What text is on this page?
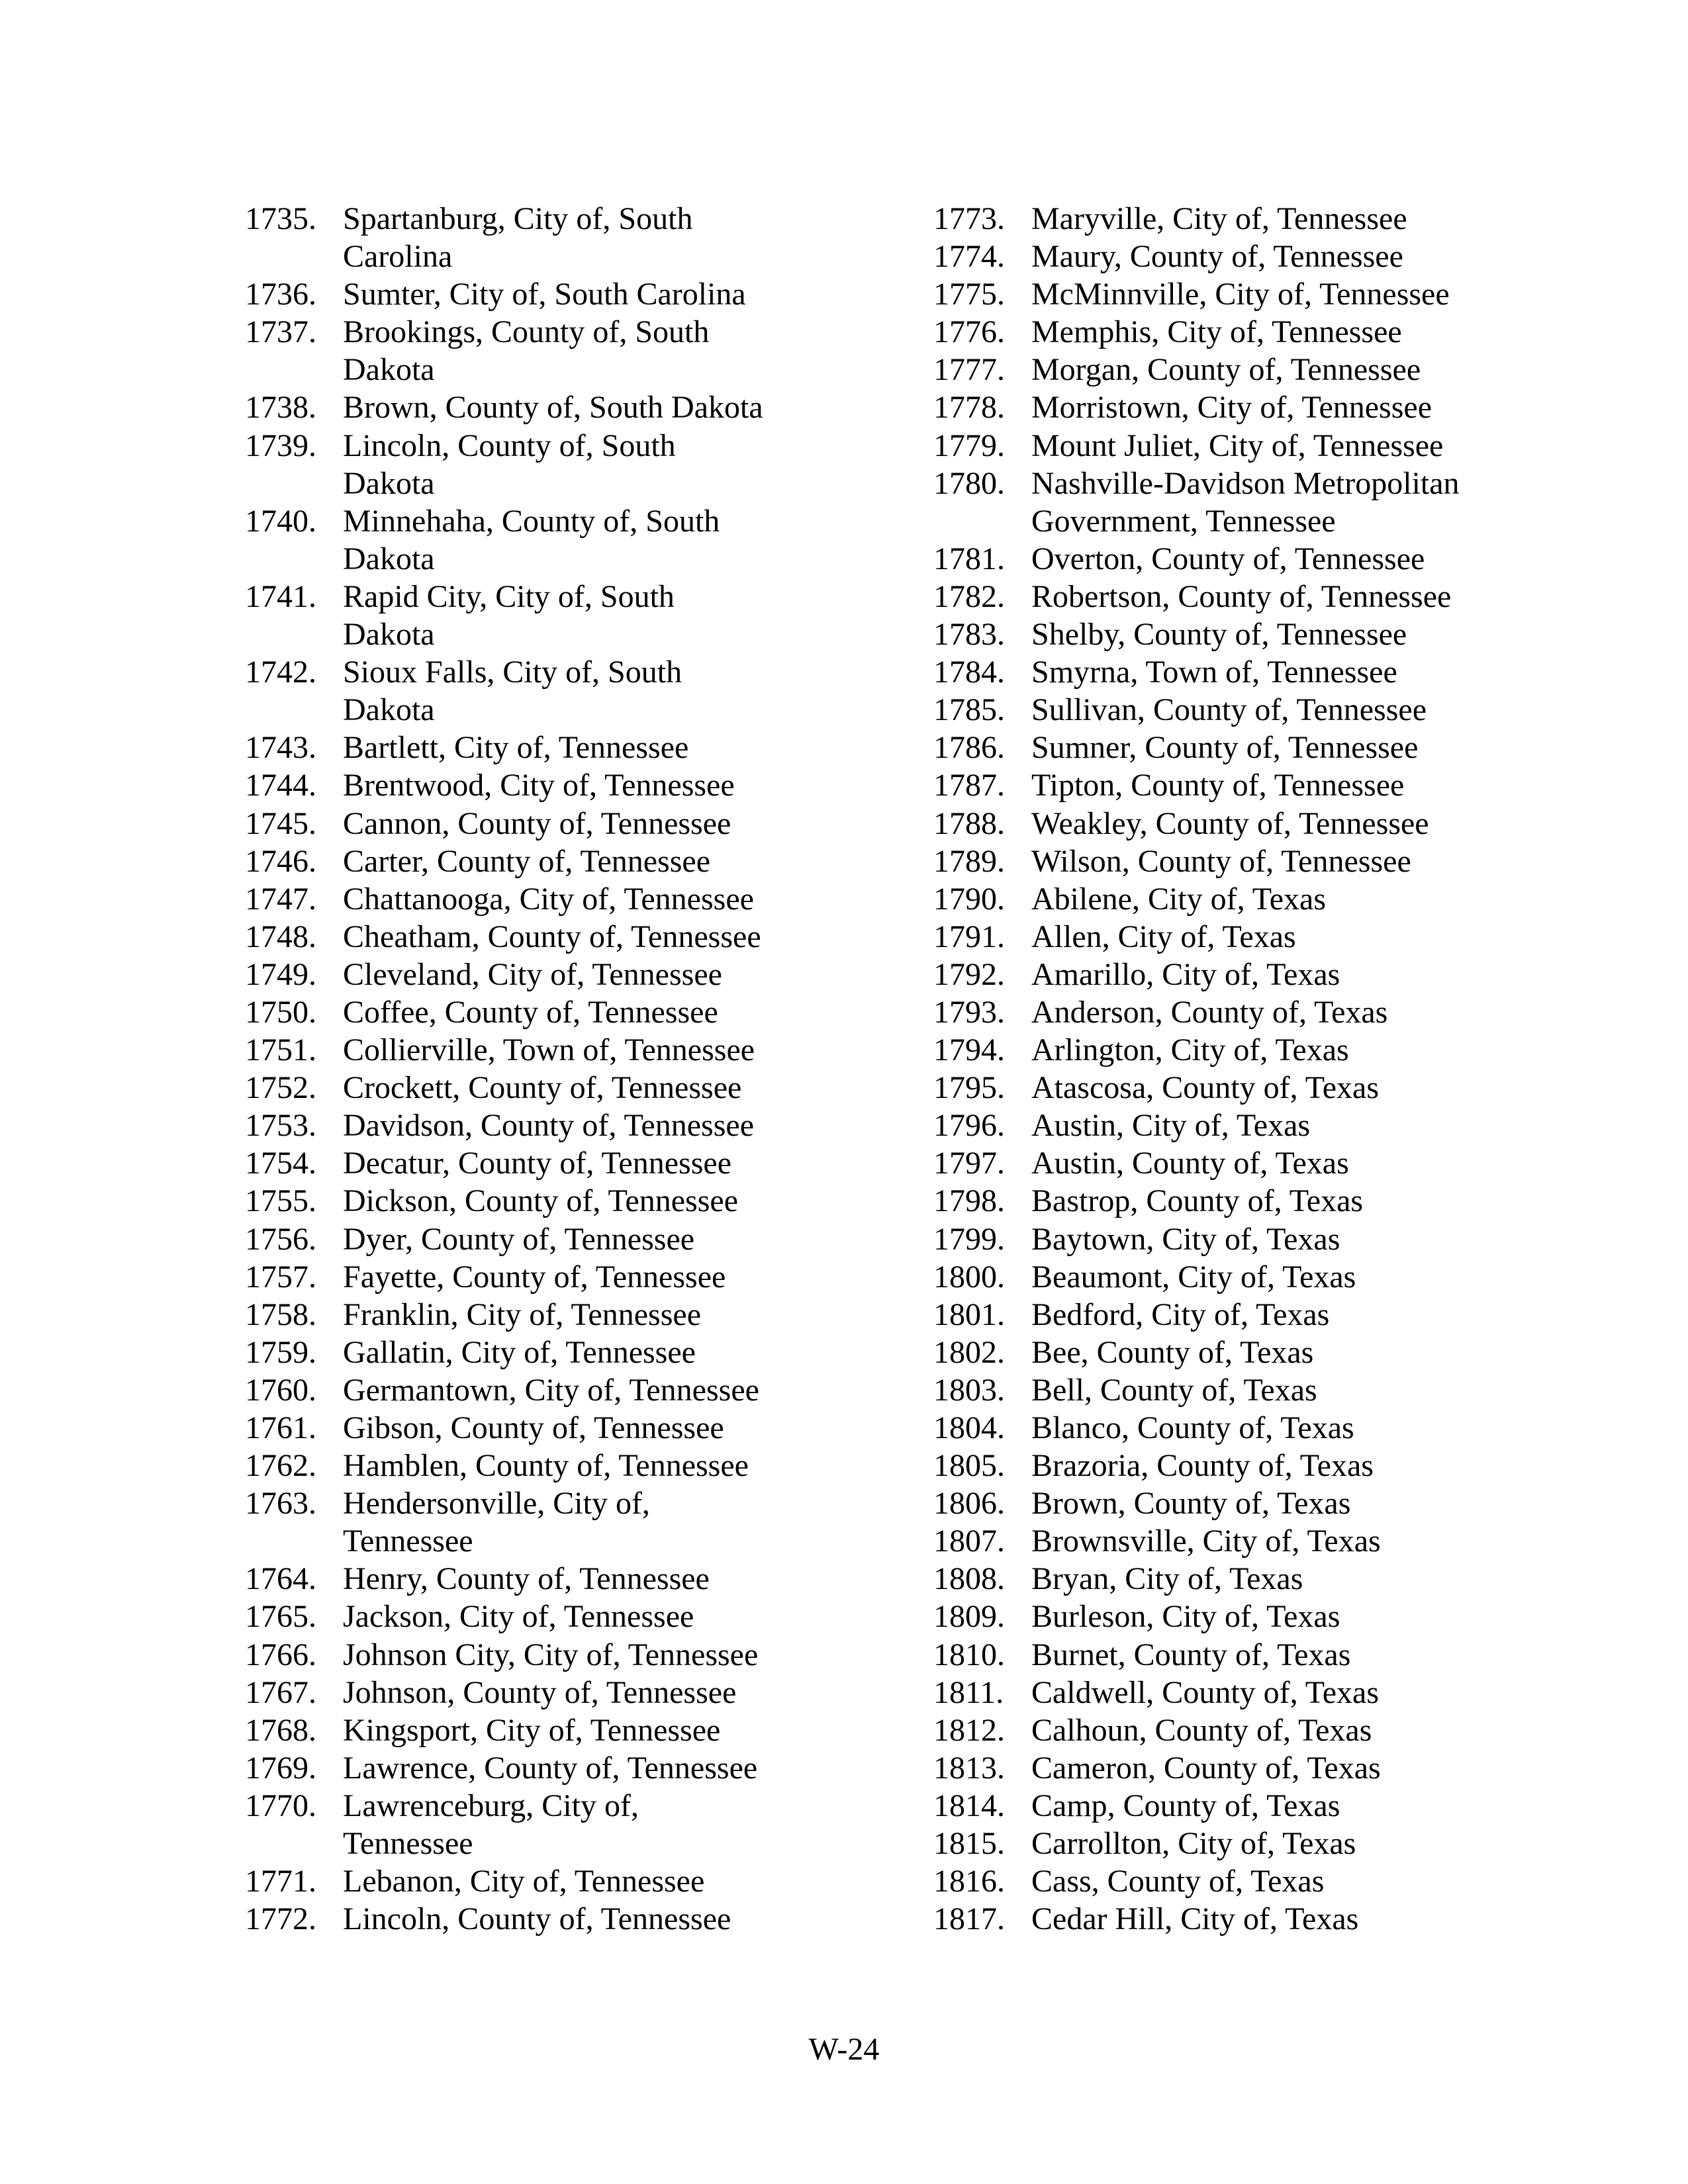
1735. Spartanburg, City of, South
Carolina
1736. Sumter, City of, South Carolina
1737. Brookings, County of, South
Dakota
1738. Brown, County of, South Dakota
1739. Lincoln, County of, South
Dakota
1740. Minnehaha, County of, South
Dakota
1741. Rapid City, City of, South
Dakota
1742. Sioux Falls, City of, South
Dakota
1743. Bartlett, City of, Tennessee
1744. Brentwood, City of, Tennessee
1745. Cannon, County of, Tennessee
1746. Carter, County of, Tennessee
1747. Chattanooga, City of, Tennessee
1748. Cheatham, County of, Tennessee
1749. Cleveland, City of, Tennessee
1750. Coffee, County of, Tennessee
1751. Collierville, Town of, Tennessee
1752. Crockett, County of, Tennessee
1753. Davidson, County of, Tennessee
1754. Decatur, County of, Tennessee
1755. Dickson, County of, Tennessee
1756. Dyer, County of, Tennessee
1757. Fayette, County of, Tennessee
1758. Franklin, City of, Tennessee
1759. Gallatin, City of, Tennessee
1760. Germantown, City of, Tennessee
1761. Gibson, County of, Tennessee
1762. Hamblen, County of, Tennessee
1763. Hendersonville, City of,
Tennessee
1764. Henry, County of, Tennessee
1765. Jackson, City of, Tennessee
1766. Johnson City, City of, Tennessee
1767. Johnson, County of, Tennessee
1768. Kingsport, City of, Tennessee
1769. Lawrence, County of, Tennessee
1770. Lawrenceburg, City of,
Tennessee
1771. Lebanon, City of, Tennessee
1772. Lincoln, County of, Tennessee
1773. Maryville, City of, Tennessee
1774. Maury, County of, Tennessee
1775. McMinnville, City of, Tennessee
1776. Memphis, City of, Tennessee
1777. Morgan, County of, Tennessee
1778. Morristown, City of, Tennessee
1779. Mount Juliet, City of, Tennessee
1780. Nashville-Davidson Metropolitan
Government, Tennessee
1781. Overton, County of, Tennessee
1782. Robertson, County of, Tennessee
1783. Shelby, County of, Tennessee
1784. Smyrna, Town of, Tennessee
1785. Sullivan, County of, Tennessee
1786. Sumner, County of, Tennessee
1787. Tipton, County of, Tennessee
1788. Weakley, County of, Tennessee
1789. Wilson, County of, Tennessee
1790. Abilene, City of, Texas
1791. Allen, City of, Texas
1792. Amarillo, City of, Texas
1793. Anderson, County of, Texas
1794. Arlington, City of, Texas
1795. Atascosa, County of, Texas
1796. Austin, City of, Texas
1797. Austin, County of, Texas
1798. Bastrop, County of, Texas
1799. Baytown, City of, Texas
1800. Beaumont, City of, Texas
1801. Bedford, City of, Texas
1802. Bee, County of, Texas
1803. Bell, County of, Texas
1804. Blanco, County of, Texas
1805. Brazoria, County of, Texas
1806. Brown, County of, Texas
1807. Brownsville, City of, Texas
1808. Bryan, City of, Texas
1809. Burleson, City of, Texas
1810. Burnet, County of, Texas
1811. Caldwell, County of, Texas
1812. Calhoun, County of, Texas
1813. Cameron, County of, Texas
1814. Camp, County of, Texas
1815. Carrollton, City of, Texas
1816. Cass, County of, Texas
1817. Cedar Hill, City of, Texas
W-24
